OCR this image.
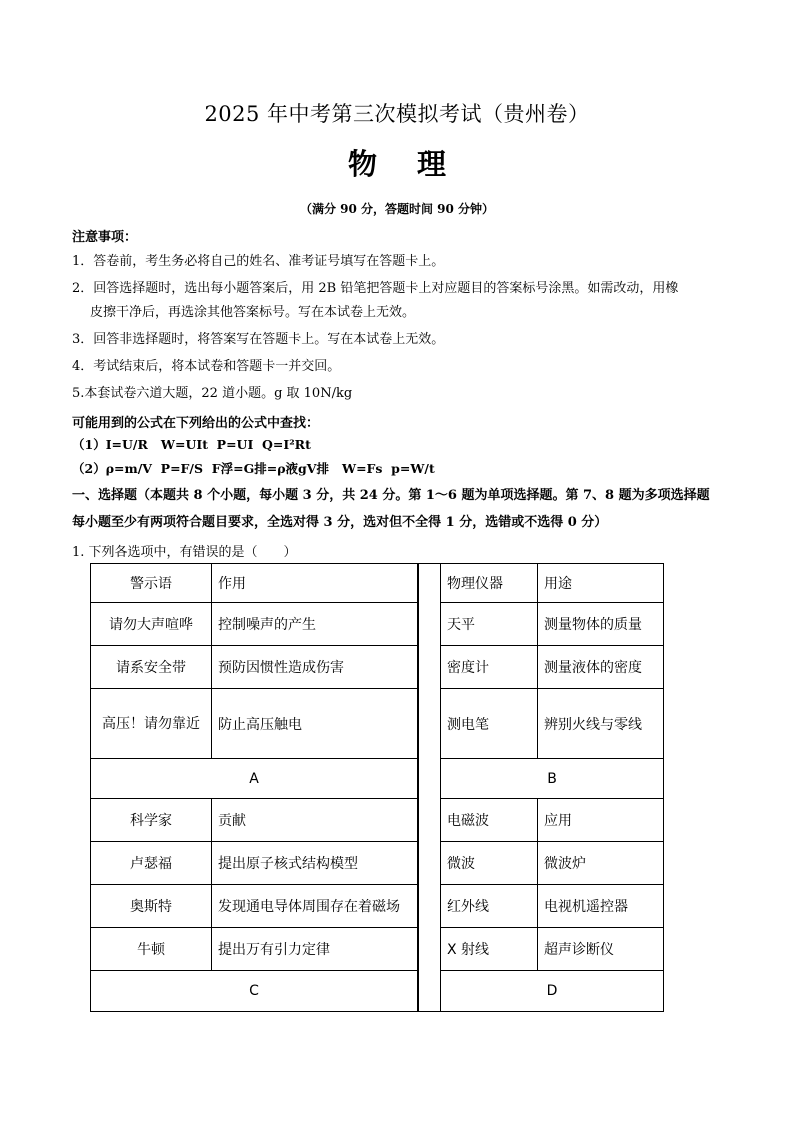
2025 年中考第三次模拟考试（贵州卷）
物 理
（满分 90 分，答题时间 90 分钟）
注意事项：
1．答卷前，考生务必将自己的姓名、准考证号填写在答题卡上。
2．回答选择题时，选出每小题答案后，用 2B 铅笔把答题卡上对应题目的答案标号涂黑。如需改动，用橡
皮擦干净后，再选涂其他答案标号。写在本试卷上无效。
3．回答非选择题时，将答案写在答题卡上。写在本试卷上无效。
4．考试结束后，将本试卷和答题卡一并交回。
5.本套试卷六道大题，22 道小题。g 取 10N/kg
可能用到的公式在下列给出的公式中查找：
（1）I=U/R   W=UIt  P=UI  Q=I²Rt
（2）ρ=m/V  P=F/S  F浮=G排=ρ液gV排   W=Fs  p=W/t
一、选择题（本题共 8 个小题，每小题 3 分，共 24 分。第 1～6 题为单项选择题。第 7、8 题为多项选择题
每小题至少有两项符合题目要求，全选对得 3 分，选对但不全得 1 分，选错或不选得 0 分）
1. 下列各选项中，有错误的是（　　）
警示语	作用
请勿大声喧哗	控制噪声的产生
请系安全带	预防因惯性造成伤害
高压！请勿靠近	防止高压触电
A	
物理仪器	用途
天平	测量物体的质量
密度计	测量液体的密度
测电笔	辨别火线与零线
B	
科学家	贡献
卢瑟福	提出原子核式结构模型
奥斯特	发现通电导体周围存在着磁场
牛顿	提出万有引力定律
C	
电磁波	应用
微波	微波炉
红外线	电视机遥控器
X 射线	超声诊断仪
D	
